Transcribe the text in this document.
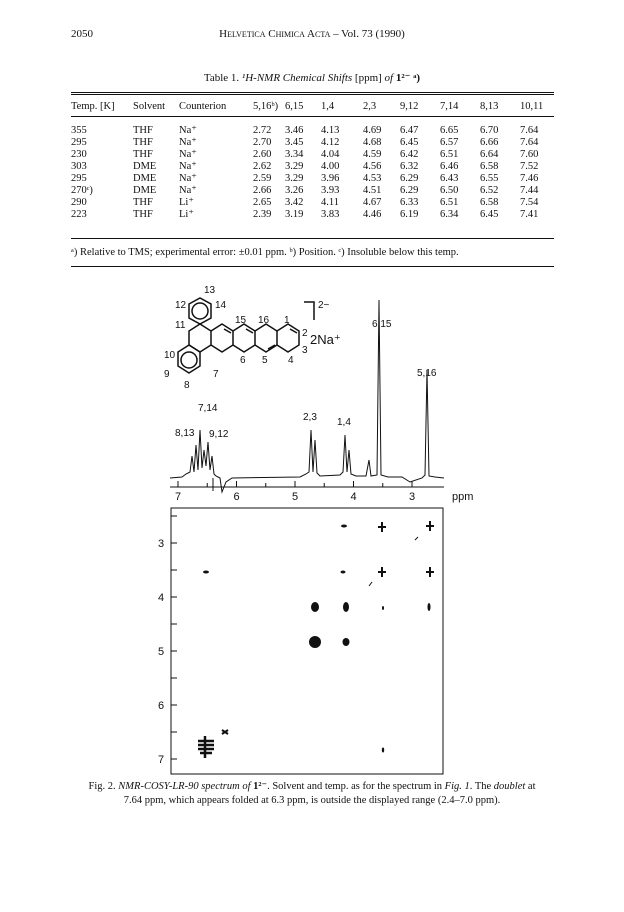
2050	Helvetica Chimica Acta – Vol. 73 (1990)
Table 1. ¹H-NMR Chemical Shifts [ppm] of 1²⁻ ᵃ)
Temp. [K]	Solvent	Counterion	5,16ᵇ)	6,15	1,4	2,3	9,12	7,14	8,13	10,11
355	THF	Na⁺	2.72	3.46	4.13	4.69	6.47	6.65	6.70	7.64
295	THF	Na⁺	2.70	3.45	4.12	4.68	6.45	6.57	6.66	7.64
230	THF	Na⁺	2.60	3.34	4.04	4.59	6.42	6.51	6.64	7.60
303	DME	Na⁺	2.62	3.29	4.00	4.56	6.32	6.46	6.58	7.52
295	DME	Na⁺	2.59	3.29	3.96	4.53	6.29	6.43	6.55	7.46
270ᶜ)	DME	Na⁺	2.66	3.26	3.93	4.51	6.29	6.50	6.52	7.44
290	THF	Li⁺	2.65	3.42	4.11	4.67	6.33	6.51	6.58	7.54
223	THF	Li⁺	2.39	3.19	3.83	4.46	6.19	6.34	6.45	7.41
ᵃ) Relative to TMS; experimental error: ±0.01 ppm. ᵇ) Position. ᶜ) Insoluble below this temp.
13
12	14
11	15 16 1
2
3
4
5
6
7
8
9
10
2−
2Na⁺
6,15
5,16
7,14
8,13 9,12
2,3 1,4
7	6	5	4	3	ppm
3
4
5
6
7
Fig. 2. NMR-COSY-LR-90 spectrum of 1²⁻. Solvent and temp. as for the spectrum in Fig. 1. The doublet at 7.64 ppm, which appears folded at 6.3 ppm, is outside the displayed range (2.4–7.0 ppm).
